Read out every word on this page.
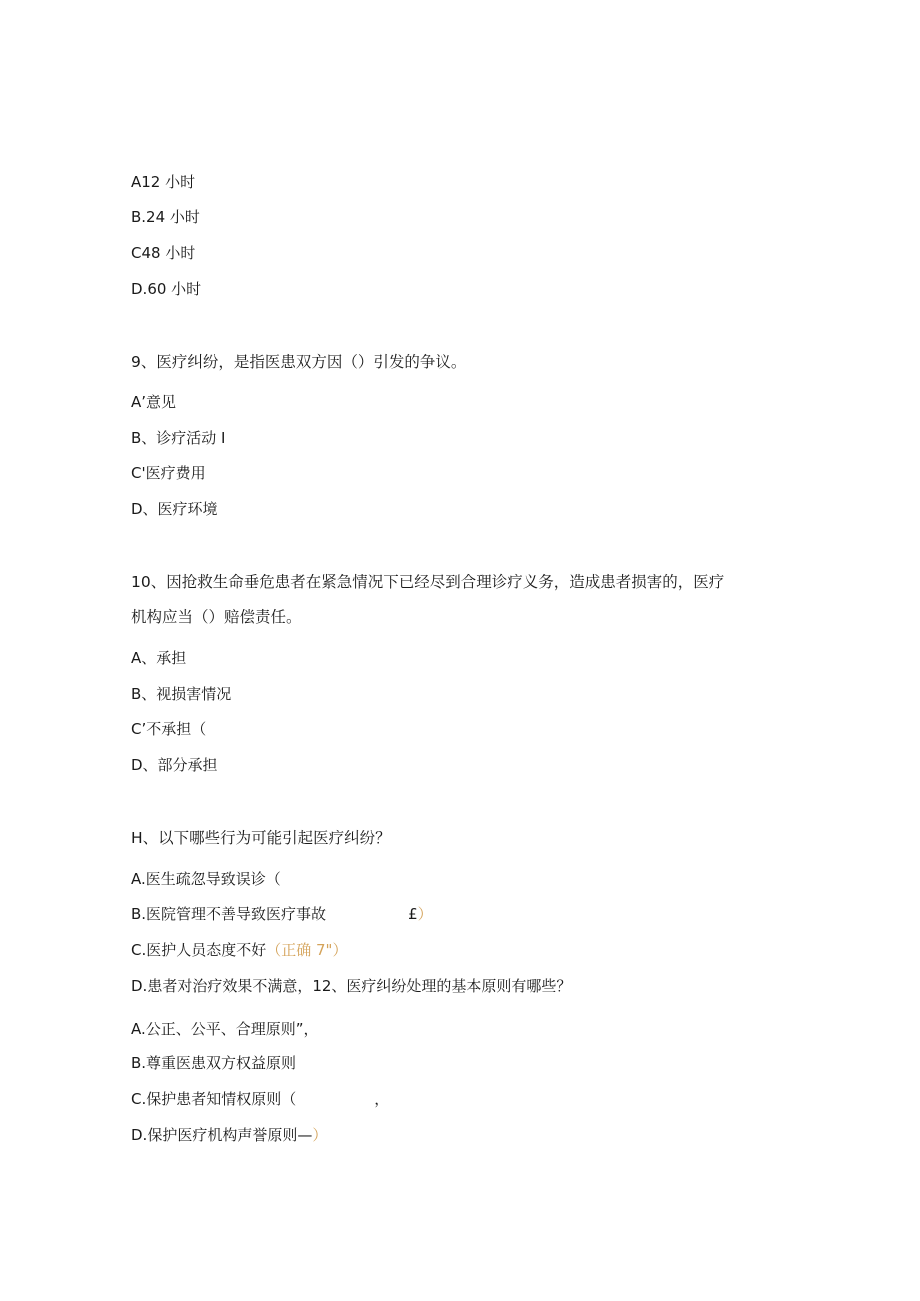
A12 小时
B.24 小时
C48 小时
D.60 小时
9、医疗纠纷，是指医患双方因（）引发的争议。
A’意见
B、诊疗活动 I
C'医疗费用
D、医疗环境
10、因抢救生命垂危患者在紧急情况下已经尽到合理诊疗义务，造成患者损害的，医疗
机构应当（）赔偿责任。
A、承担
B、视损害情况
C’不承担（
D、部分承担
H、以下哪些行为可能引起医疗纠纷？
A.医生疏忽导致误诊（
B.医院管理不善导致医疗事故	£）
C.医护人员态度不好（正确 7"）
D.患者对治疗效果不满意，12、医疗纠纷处理的基本原则有哪些？
A.公正、公平、合理原则”，
B.尊重医患双方权益原则
C.保护患者知情权原则（	，
D.保护医疗机构声誉原则—）
